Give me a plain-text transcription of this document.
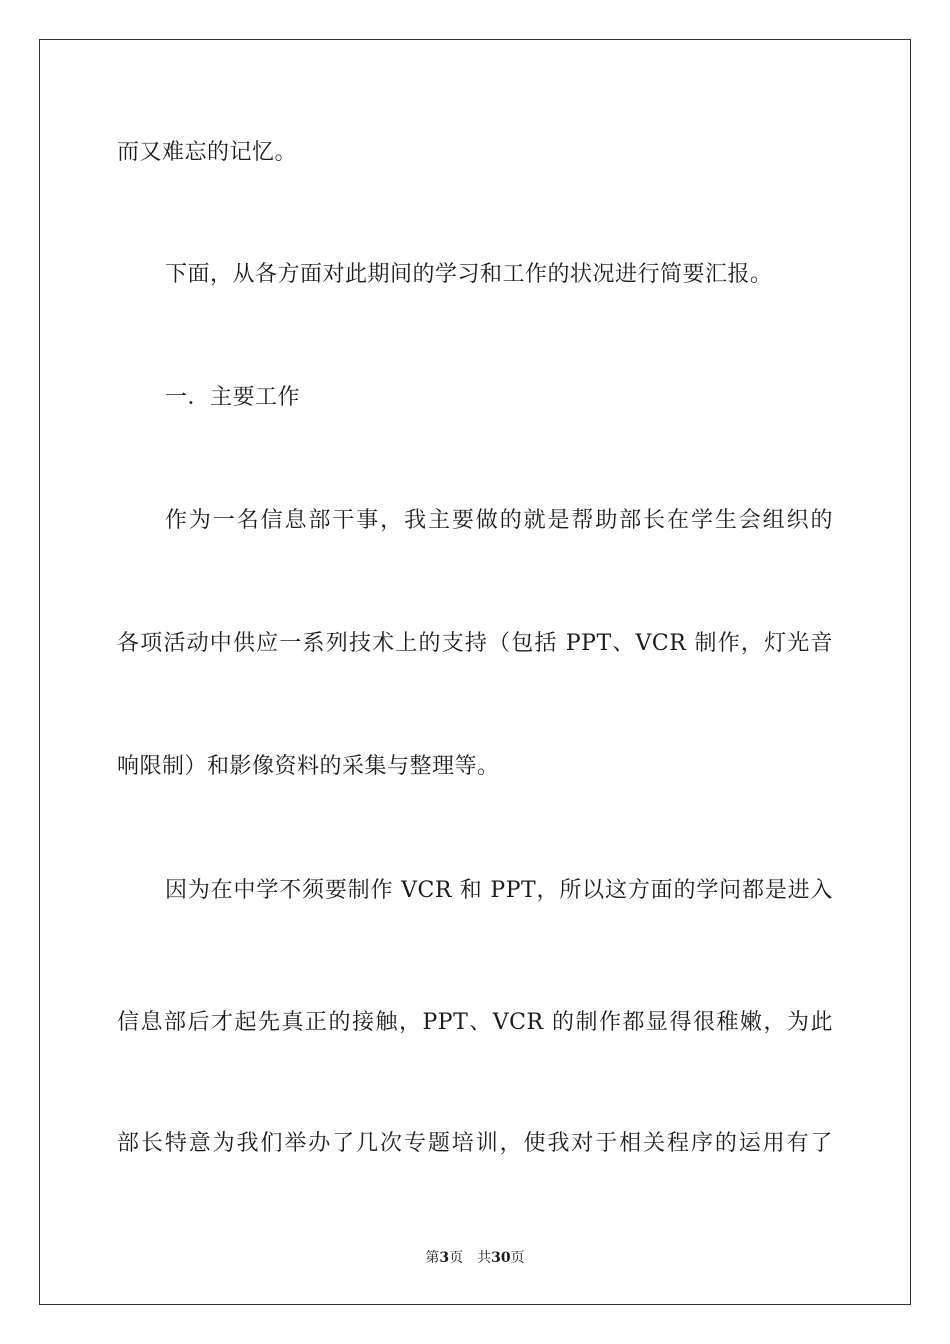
而又难忘的记忆。
下面，从各方面对此期间的学习和工作的状况进行简要汇报。
一．主要工作
作为一名信息部干事，我主要做的就是帮助部长在学生会组织的
各项活动中供应一系列技术上的支持（包括 PPT、VCR 制作，灯光音
响限制）和影像资料的采集与整理等。
因为在中学不须要制作 VCR 和 PPT，所以这方面的学问都是进入
信息部后才起先真正的接触，PPT、VCR 的制作都显得很稚嫩，为此
部长特意为我们举办了几次专题培训，使我对于相关程序的运用有了
第3页 共30页
